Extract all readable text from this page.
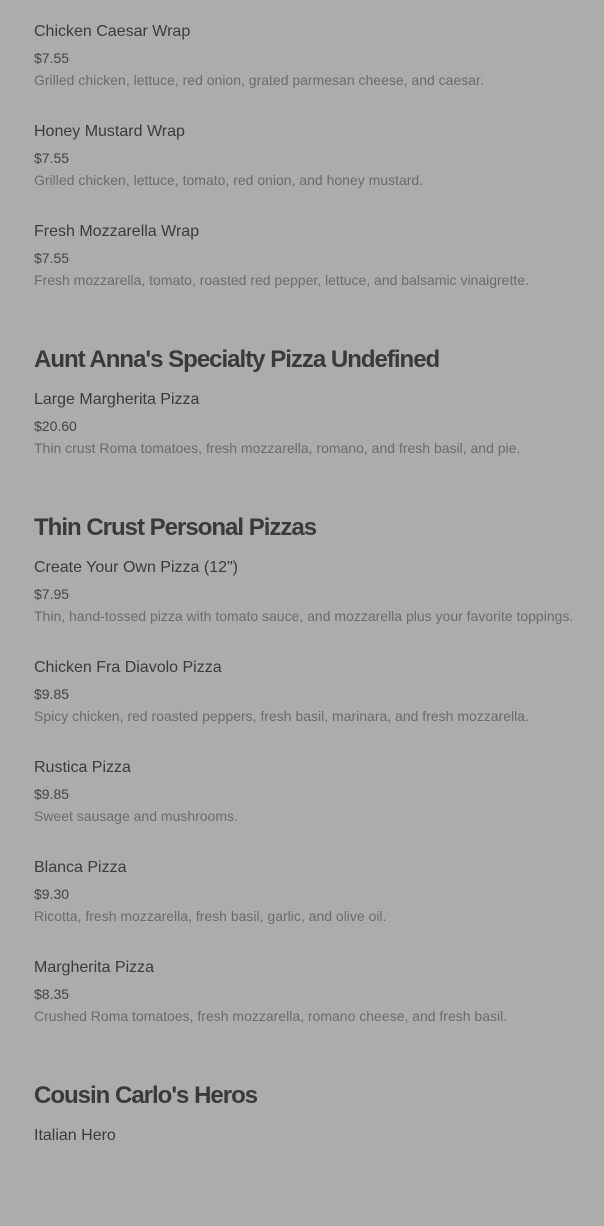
Chicken Caesar Wrap
$7.55
Grilled chicken, lettuce, red onion, grated parmesan cheese, and caesar.
Honey Mustard Wrap
$7.55
Grilled chicken, lettuce, tomato, red onion, and honey mustard.
Fresh Mozzarella Wrap
$7.55
Fresh mozzarella, tomato, roasted red pepper, lettuce, and balsamic vinaigrette.
Aunt Anna's Specialty Pizza Undefined
Large Margherita Pizza
$20.60
Thin crust Roma tomatoes, fresh mozzarella, romano, and fresh basil, and pie.
Thin Crust Personal Pizzas
Create Your Own Pizza (12")
$7.95
Thin, hand-tossed pizza with tomato sauce, and mozzarella plus your favorite toppings.
Chicken Fra Diavolo Pizza
$9.85
Spicy chicken, red roasted peppers, fresh basil, marinara, and fresh mozzarella.
Rustica Pizza
$9.85
Sweet sausage and mushrooms.
Blanca Pizza
$9.30
Ricotta, fresh mozzarella, fresh basil, garlic, and olive oil.
Margherita Pizza
$8.35
Crushed Roma tomatoes, fresh mozzarella, romano cheese, and fresh basil.
Cousin Carlo's Heros
Italian Hero
